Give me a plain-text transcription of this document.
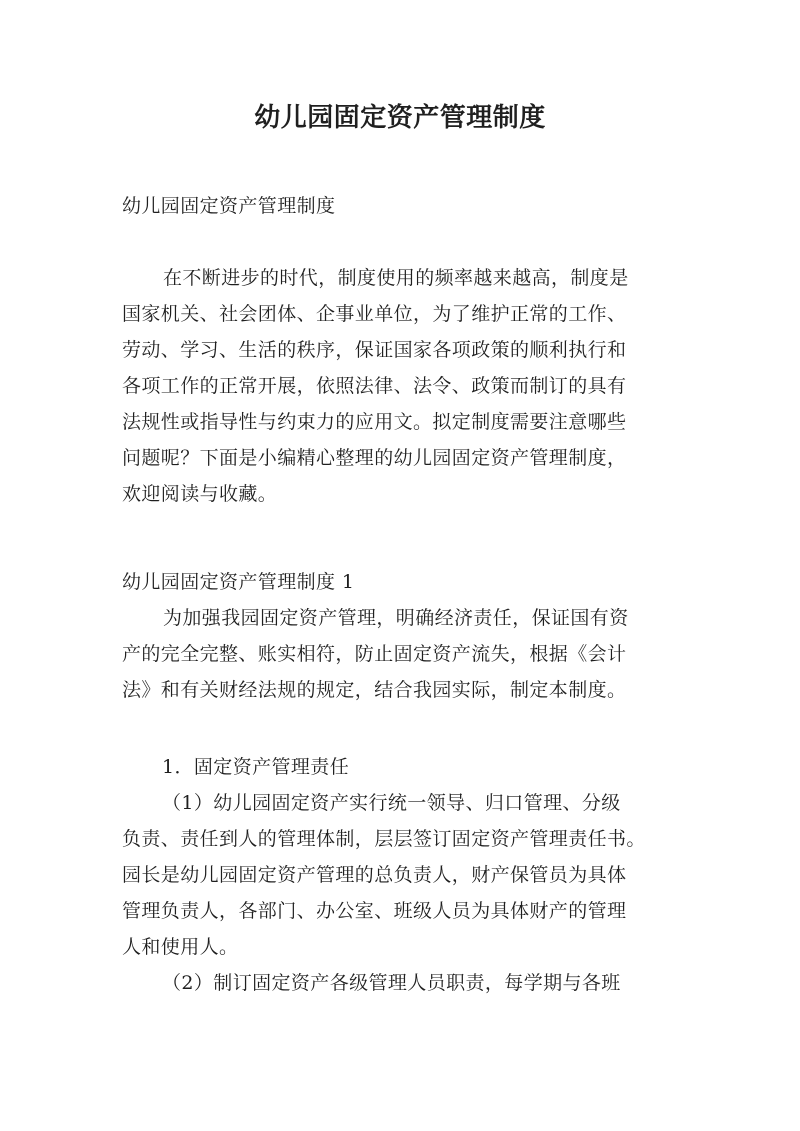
幼儿园固定资产管理制度
幼儿园固定资产管理制度
在不断进步的时代，制度使用的频率越来越高，制度是
国家机关、社会团体、企事业单位，为了维护正常的工作、
劳动、学习、生活的秩序，保证国家各项政策的顺利执行和
各项工作的正常开展，依照法律、法令、政策而制订的具有
法规性或指导性与约束力的应用文。拟定制度需要注意哪些
问题呢？下面是小编精心整理的幼儿园固定资产管理制度，
欢迎阅读与收藏。
幼儿园固定资产管理制度 1
为加强我园固定资产管理，明确经济责任，保证国有资
产的完全完整、账实相符，防止固定资产流失，根据《会计
法》和有关财经法规的规定，结合我园实际，制定本制度。
1．固定资产管理责任
（1）幼儿园固定资产实行统一领导、归口管理、分级
负责、责任到人的管理体制，层层签订固定资产管理责任书。
园长是幼儿园固定资产管理的总负责人，财产保管员为具体
管理负责人，各部门、办公室、班级人员为具体财产的管理
人和使用人。
（2）制订固定资产各级管理人员职责，每学期与各班
